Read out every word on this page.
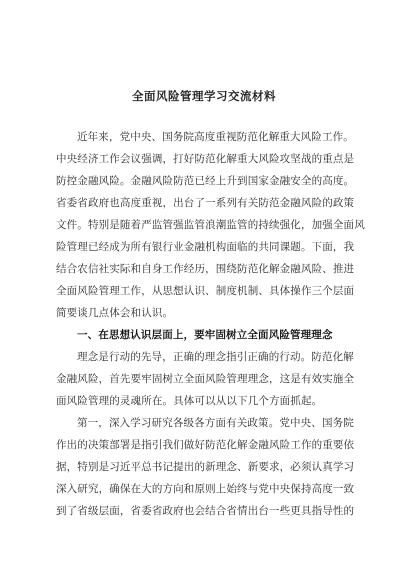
全面风险管理学习交流材料
近年来，党中央、国务院高度重视防范化解重大风险工作。
中央经济工作会议强调，打好防范化解重大风险攻坚战的重点是
防控金融风险。金融风险防范已经上升到国家金融安全的高度。
省委省政府也高度重视，出台了一系列有关防范金融风险的政策
文件。特别是随着严监管强监管浪潮监管的持续强化，加强全面风
险管理已经成为所有银行业金融机构面临的共同课题。下面，我
结合农信社实际和自身工作经历，围绕防范化解金融风险、推进
全面风险管理工作，从思想认识、制度机制、具体操作三个层面
简要谈几点体会和认识。
一、在思想认识层面上，要牢固树立全面风险管理理念
理念是行动的先导，正确的理念指引正确的行动。防范化解
金融风险，首先要牢固树立全面风险管理理念，这是有效实施全
面风险管理的灵魂所在。具体可以从以下几个方面抓起。
第一，深入学习研究各级各方面有关政策。党中央、国务院
作出的决策部署是指引我们做好防范化解金融风险工作的重要依
据，特别是习近平总书记提出的新理念、新要求，必须认真学习
深入研究，确保在大的方向和原则上始终与党中央保持高度一致
到了省级层面，省委省政府也会结合省情出台一些更具指导性的
